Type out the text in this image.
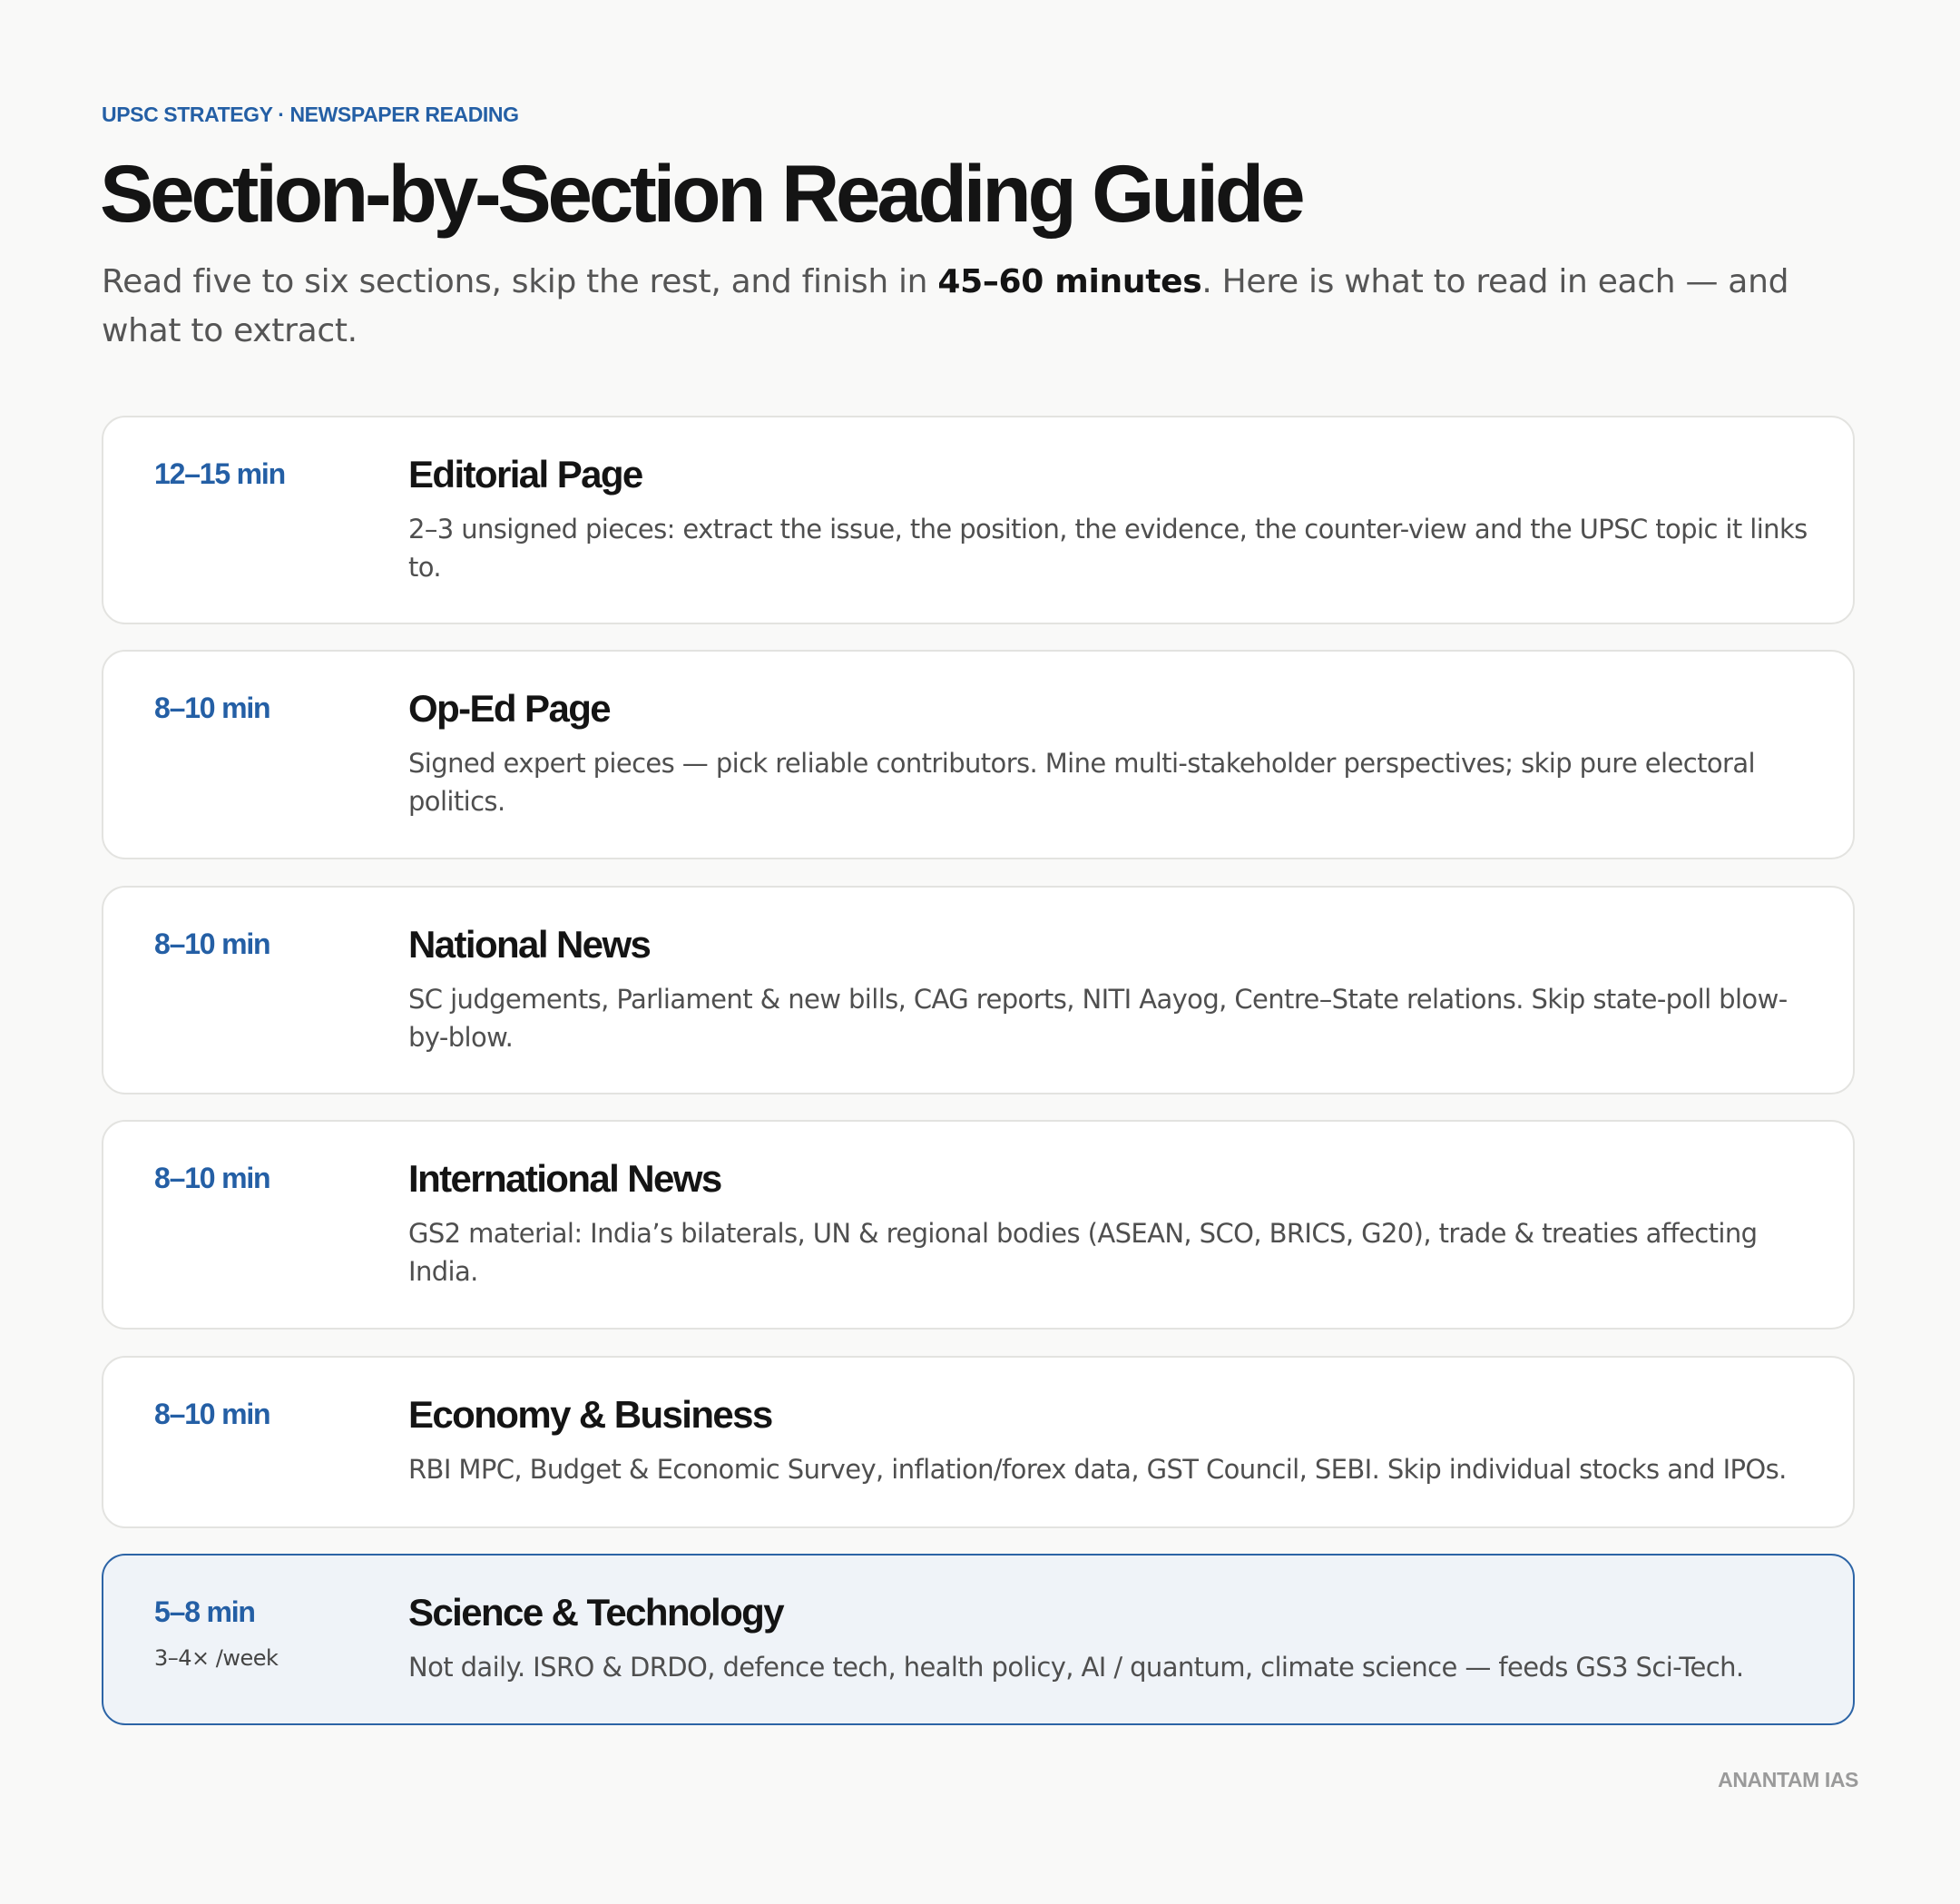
UPSC STRATEGY · NEWSPAPER READING
Section-by-Section Reading Guide

Read five to six sections, skip the rest, and finish in 45–60 minutes. Here is what to read in each — and what to extract.

12–15 min	Editorial Page

2–3 unsigned pieces: extract the issue, the position, the evidence, the counter-view and the UPSC topic it links to.

8–10 min	Op-Ed Page

Signed expert pieces — pick reliable contributors. Mine multi-stakeholder perspectives; skip pure electoral politics.

8–10 min	National News

SC judgements, Parliament & new bills, CAG reports, NITI Aayog, Centre–State relations. Skip state-poll blow-by-blow.

8–10 min	International News

GS2 material: India’s bilaterals, UN & regional bodies (ASEAN, SCO, BRICS, G20), trade & treaties affecting India.

8–10 min	Economy & Business

RBI MPC, Budget & Economic Survey, inflation/forex data, GST Council, SEBI. Skip individual stocks and IPOs.

5–8 min
3–4× /week
Science & Technology

Not daily. ISRO & DRDO, defence tech, health policy, AI / quantum, climate science — feeds GS3 Sci-Tech.

ANANTAM IAS
